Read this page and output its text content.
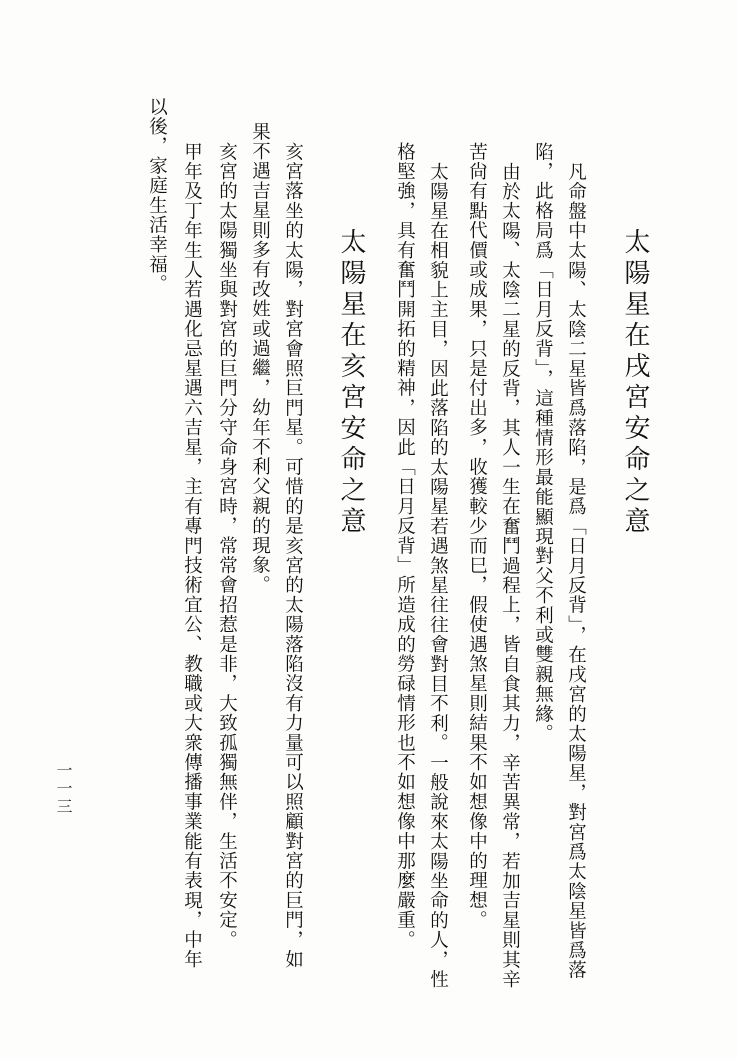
太陽星在戌宮安命之意
凡命盤中太陽、太陰二星皆爲落陷，是爲「日月反背」，在戌宮的太陽星，對宮爲太陰星皆爲落
陷，此格局爲「日月反背」，這種情形最能顯現對父不利或雙親無緣。
由於太陽、太陰二星的反背，其人一生在奮鬥過程上，皆自食其力，辛苦異常，若加吉星則其辛
苦尙有點代價或成果，只是付出多，收獲較少而巳，假使遇煞星則結果不如想像中的理想。
太陽星在相貌上主目，因此落陷的太陽星若遇煞星往往會對目不利。一般說來太陽坐命的人，性
格堅強，具有奮鬥開拓的精神，因此「日月反背」所造成的勞碌情形也不如想像中那麼嚴重。
太陽星在亥宮安命之意
亥宮落坐的太陽，對宮會照巨門星。可惜的是亥宮的太陽落陷沒有力量可以照顧對宮的巨門，如
果不遇吉星則多有改姓或過繼，幼年不利父親的現象。
亥宮的太陽獨坐與對宮的巨門分守命身宮時，常常會招惹是非，大致孤獨無伴，生活不安定。
甲年及丁年生人若遇化忌星遇六吉星，主有專門技術宜公、教職或大衆傳播事業能有表現，中年
以後，家庭生活幸福。
一一三
